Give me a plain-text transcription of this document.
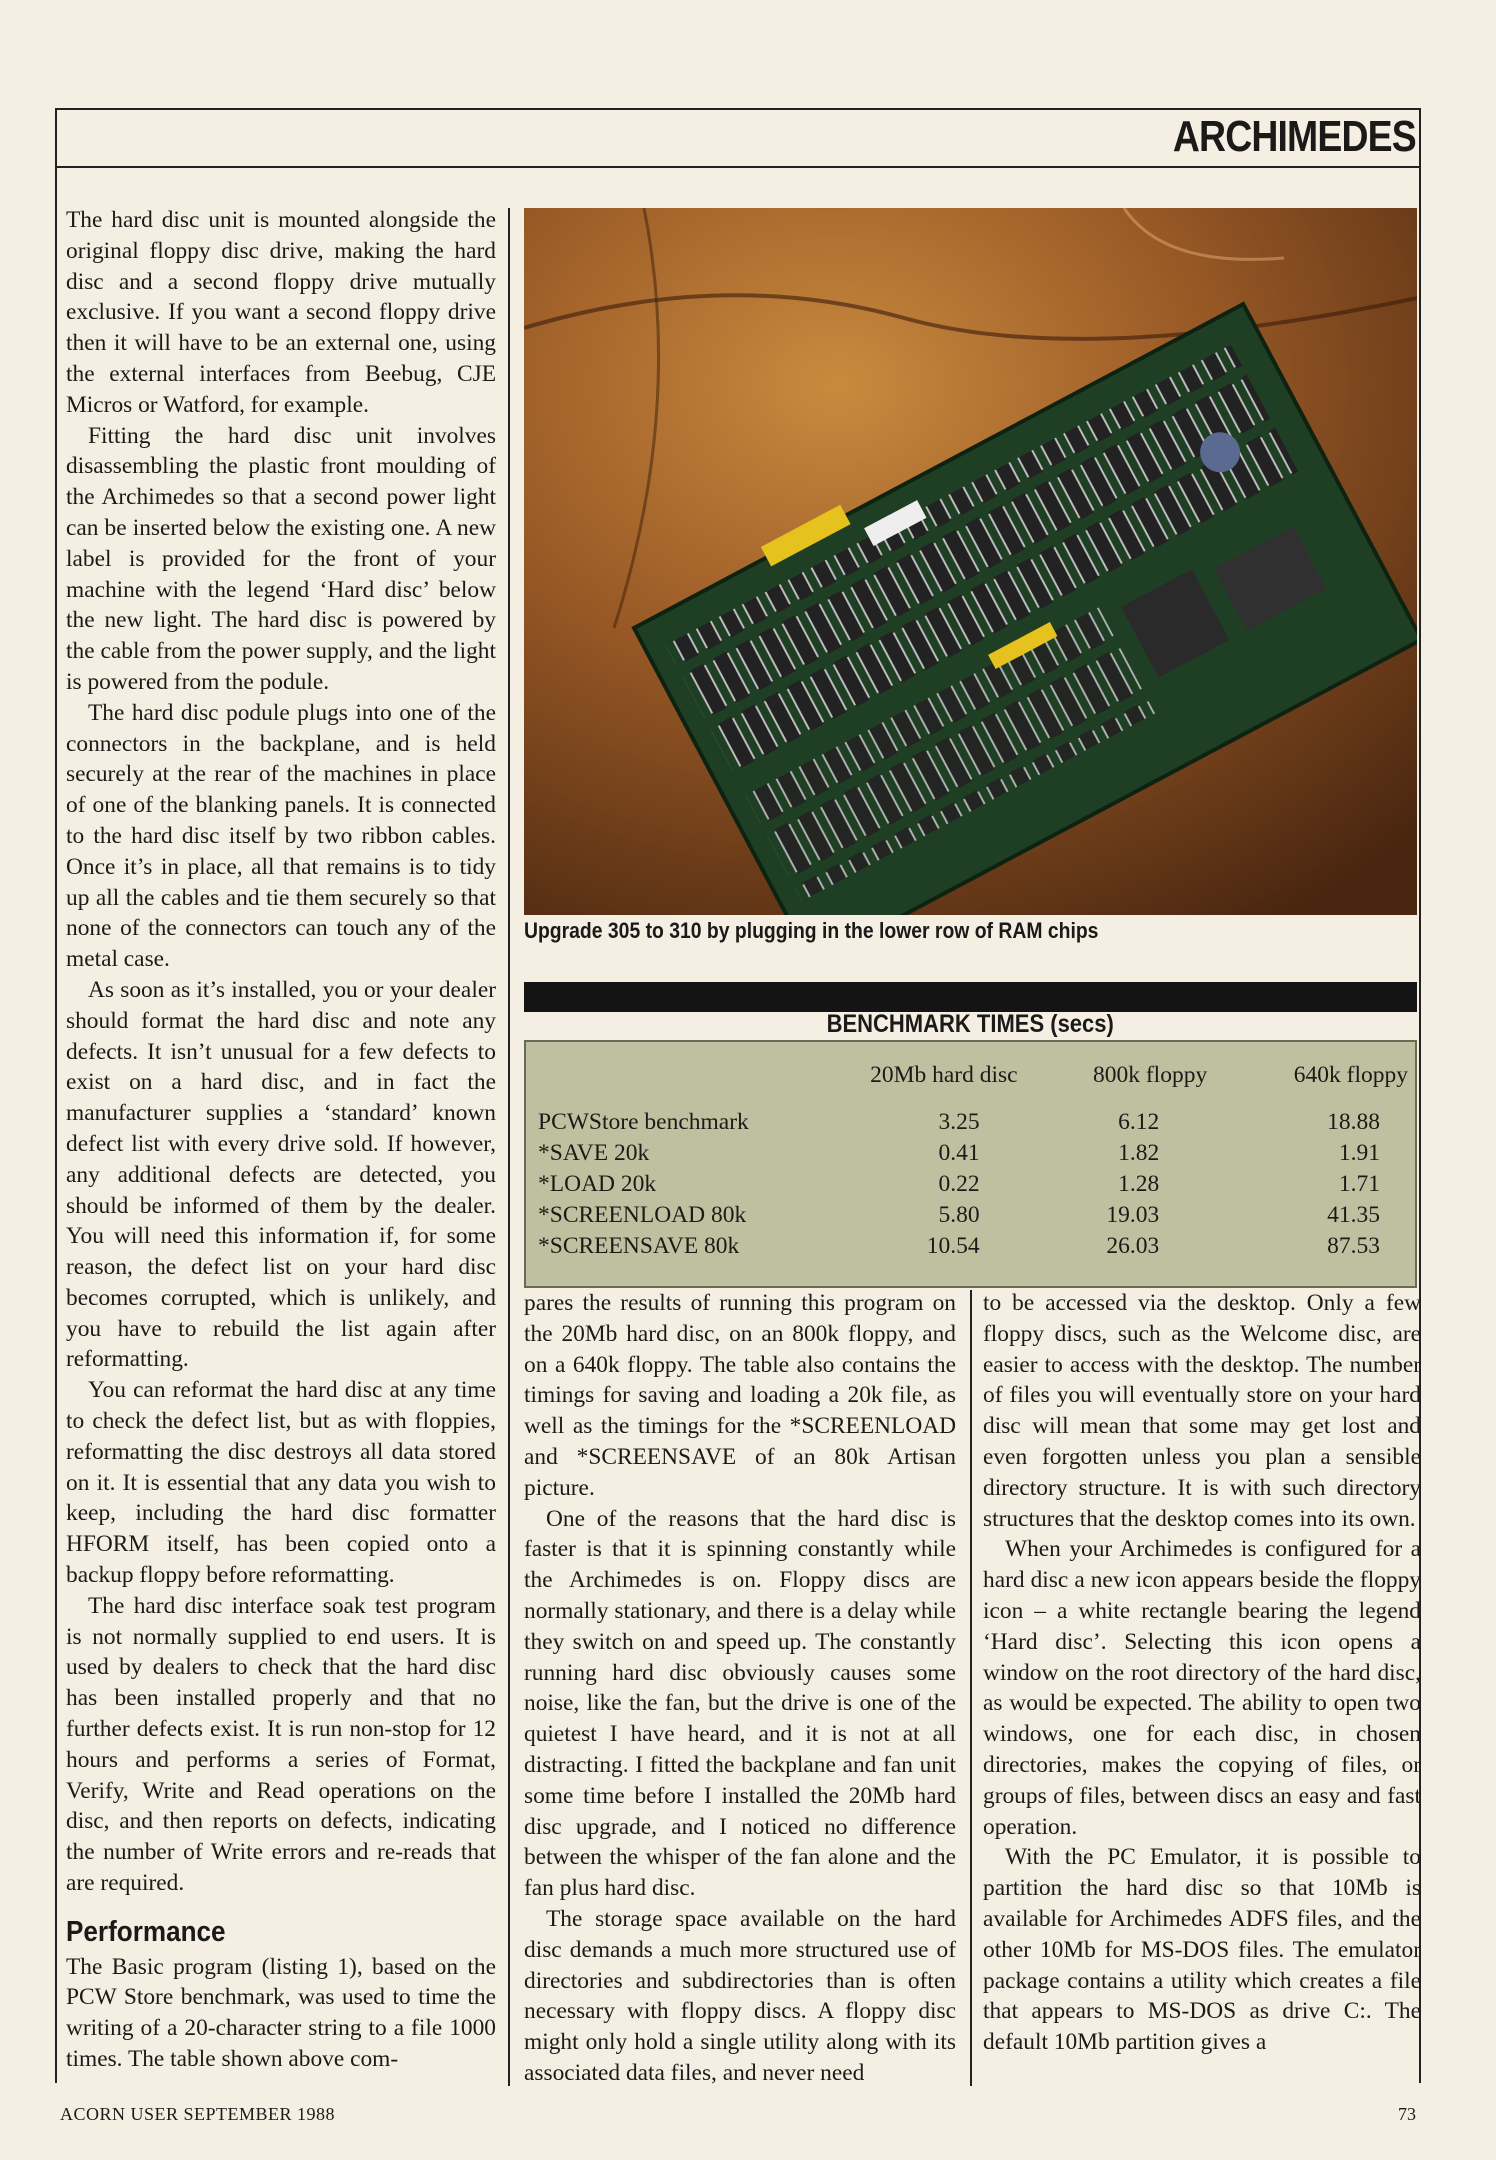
ARCHIMEDES

The hard disc unit is mounted alongside the original floppy disc drive, making the hard disc and a second floppy drive mutually exclusive. If you want a second floppy drive then it will have to be an external one, using the external interfaces from Beebug, CJE Micros or Watford, for example.

Fitting the hard disc unit involves disassembling the plastic front moulding of the Archimedes so that a second power light can be inserted below the existing one. A new label is provided for the front of your machine with the legend ‘Hard disc’ below the new light. The hard disc is powered by the cable from the power supply, and the light is powered from the podule.

The hard disc podule plugs into one of the connectors in the backplane, and is held securely at the rear of the machines in place of one of the blanking panels. It is connected to the hard disc itself by two ribbon cables. Once it’s in place, all that remains is to tidy up all the cables and tie them securely so that none of the connectors can touch any of the metal case.

As soon as it’s installed, you or your dealer should format the hard disc and note any defects. It isn’t unusual for a few defects to exist on a hard disc, and in fact the manufacturer supplies a ‘standard’ known defect list with every drive sold. If however, any additional defects are detected, you should be informed of them by the dealer. You will need this information if, for some reason, the defect list on your hard disc becomes corrupted, which is unlikely, and you have to rebuild the list again after reformatting.

You can reformat the hard disc at any time to check the defect list, but as with floppies, reformatting the disc destroys all data stored on it. It is essential that any data you wish to keep, including the hard disc formatter HFORM itself, has been copied onto a backup floppy before reformatting.

The hard disc interface soak test program is not normally supplied to end users. It is used by dealers to check that the hard disc has been installed properly and that no further defects exist. It is run non-stop for 12 hours and performs a series of Format, Verify, Write and Read operations on the disc, and then reports on defects, indicating the number of Write errors and re-reads that are required.

Performance

The Basic program (listing 1), based on the PCW Store benchmark, was used to time the writing of a 20-character string to a file 1000 times. The table shown above com-

Upgrade 305 to 310 by plugging in the lower row of RAM chips
BENCHMARK TIMES (secs)
	20Mb hard disc	800k floppy	640k floppy
PCWStore benchmark	3.25	6.12	18.88
*SAVE 20k	0.41	1.82	1.91
*LOAD 20k	0.22	1.28	1.71
*SCREENLOAD 80k	5.80	19.03	41.35
*SCREENSAVE 80k	10.54	26.03	87.53

pares the results of running this program on the 20Mb hard disc, on an 800k floppy, and on a 640k floppy. The table also contains the timings for saving and loading a 20k file, as well as the timings for the *SCREENLOAD and *SCREENSAVE of an 80k Artisan picture.

One of the reasons that the hard disc is faster is that it is spinning constantly while the Archimedes is on. Floppy discs are normally stationary, and there is a delay while they switch on and speed up. The constantly running hard disc obviously causes some noise, like the fan, but the drive is one of the quietest I have heard, and it is not at all distracting. I fitted the backplane and fan unit some time before I installed the 20Mb hard disc upgrade, and I noticed no difference between the whisper of the fan alone and the fan plus hard disc.

The storage space available on the hard disc demands a much more structured use of directories and subdirectories than is often necessary with floppy discs. A floppy disc might only hold a single utility along with its associated data files, and never need

to be accessed via the desktop. Only a few floppy discs, such as the Welcome disc, are easier to access with the desktop. The number of files you will eventually store on your hard disc will mean that some may get lost and even forgotten unless you plan a sensible directory structure. It is with such directory structures that the desktop comes into its own.

When your Archimedes is configured for a hard disc a new icon appears beside the floppy icon – a white rectangle bearing the legend ‘Hard disc’. Selecting this icon opens a window on the root directory of the hard disc, as would be expected. The ability to open two windows, one for each disc, in chosen directories, makes the copying of files, or groups of files, between discs an easy and fast operation.

With the PC Emulator, it is possible to partition the hard disc so that 10Mb is available for Archimedes ADFS files, and the other 10Mb for MS-DOS files. The emulator package contains a utility which creates a file that appears to MS-DOS as drive C:. The default 10Mb partition gives a

ACORN USER SEPTEMBER 1988	73
